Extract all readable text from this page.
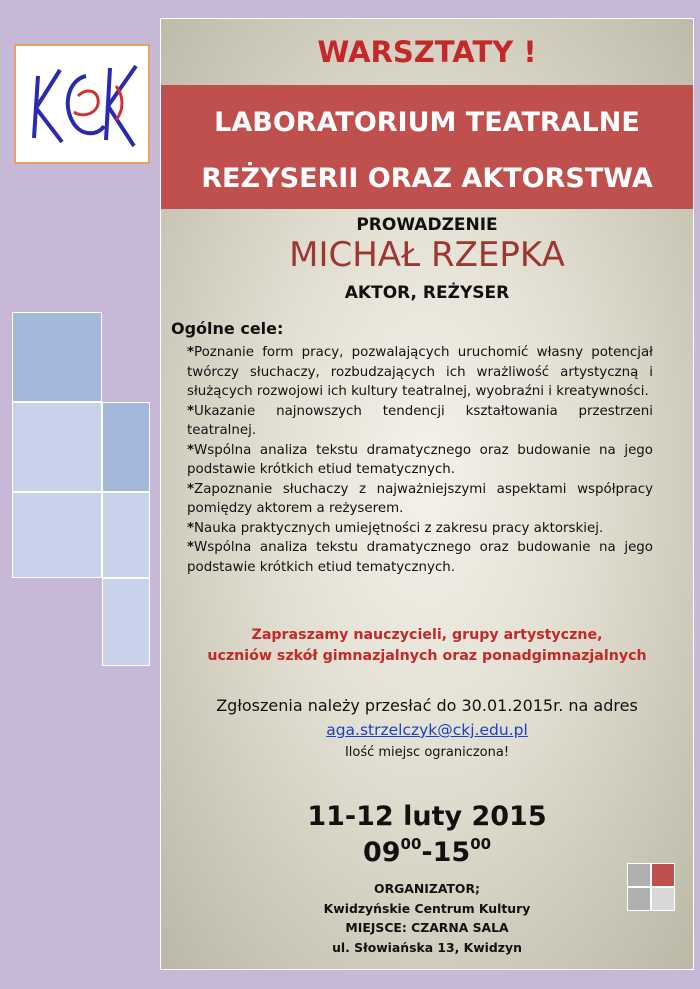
WARSZTATY !
LABORATORIUM TEATRALNE
REŻYSERII ORAZ AKTORSTWA
PROWADZENIE
MICHAŁ RZEPKA
AKTOR, REŻYSER
Ogólne cele:

*Poznanie form pracy, pozwalających uruchomić własny potencjał twórczy słuchaczy, rozbudzających ich wrażliwość artystyczną i służących rozwojowi ich kultury teatralnej, wyobraźni i kreatywności.

*Ukazanie najnowszych tendencji kształtowania przestrzeni teatralnej.

*Wspólna analiza tekstu dramatycznego oraz budowanie na jego podstawie krótkich etiud tematycznych.

*Zapoznanie słuchaczy z najważniejszymi aspektami współpracy pomiędzy aktorem a reżyserem.

*Nauka praktycznych umiejętności z zakresu pracy aktorskiej.

*Wspólna analiza tekstu dramatycznego oraz budowanie na jego podstawie krótkich etiud tematycznych.

Zapraszamy nauczycieli, grupy artystyczne,
uczniów szkół gimnazjalnych oraz ponadgimnazjalnych
Zgłoszenia należy przesłać do 30.01.2015r. na adres
aga.strzelczyk@ckj.edu.pl
Ilość miejsc ograniczona!
11-12 luty 2015
$09^{00}-15^{00}$
ORGANIZATOR;
Kwidzyńskie Centrum Kultury
MIEJSCE: CZARNA SALA
ul. Słowiańska 13, Kwidzyn
